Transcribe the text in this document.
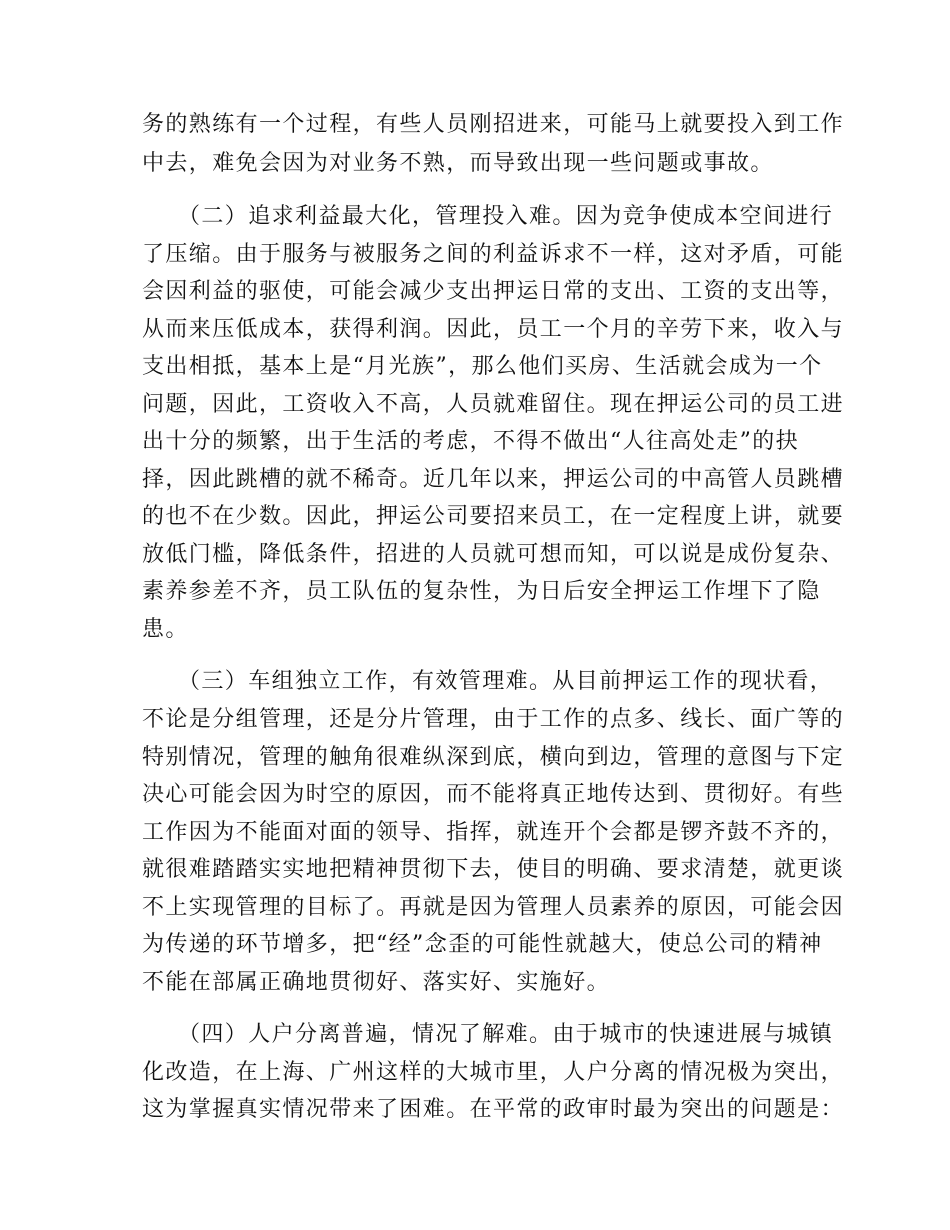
务的熟练有一个过程，有些人员刚招进来，可能马上就要投入到工作
中去，难免会因为对业务不熟，而导致出现一些问题或事故。
（二）追求利益最大化，管理投入难。因为竞争使成本空间进行
了压缩。由于服务与被服务之间的利益诉求不一样，这对矛盾，可能
会因利益的驱使，可能会减少支出押运日常的支出、工资的支出等，
从而来压低成本，获得利润。因此，员工一个月的辛劳下来，收入与
支出相抵，基本上是“月光族”，那么他们买房、生活就会成为一个
问题，因此，工资收入不高，人员就难留住。现在押运公司的员工进
出十分的频繁，出于生活的考虑，不得不做出“人往高处走”的抉
择，因此跳槽的就不稀奇。近几年以来，押运公司的中高管人员跳槽
的也不在少数。因此，押运公司要招来员工，在一定程度上讲，就要
放低门槛，降低条件，招进的人员就可想而知，可以说是成份复杂、
素养参差不齐，员工队伍的复杂性，为日后安全押运工作埋下了隐
患。
（三）车组独立工作，有效管理难。从目前押运工作的现状看，
不论是分组管理，还是分片管理，由于工作的点多、线长、面广等的
特别情况，管理的触角很难纵深到底，横向到边，管理的意图与下定
决心可能会因为时空的原因，而不能将真正地传达到、贯彻好。有些
工作因为不能面对面的领导、指挥，就连开个会都是锣齐鼓不齐的，
就很难踏踏实实地把精神贯彻下去，使目的明确、要求清楚，就更谈
不上实现管理的目标了。再就是因为管理人员素养的原因，可能会因
为传递的环节增多，把“经”念歪的可能性就越大，使总公司的精神
不能在部属正确地贯彻好、落实好、实施好。
（四）人户分离普遍，情况了解难。由于城市的快速进展与城镇
化改造，在上海、广州这样的大城市里，人户分离的情况极为突出，
这为掌握真实情况带来了困难。在平常的政审时最为突出的问题是：
